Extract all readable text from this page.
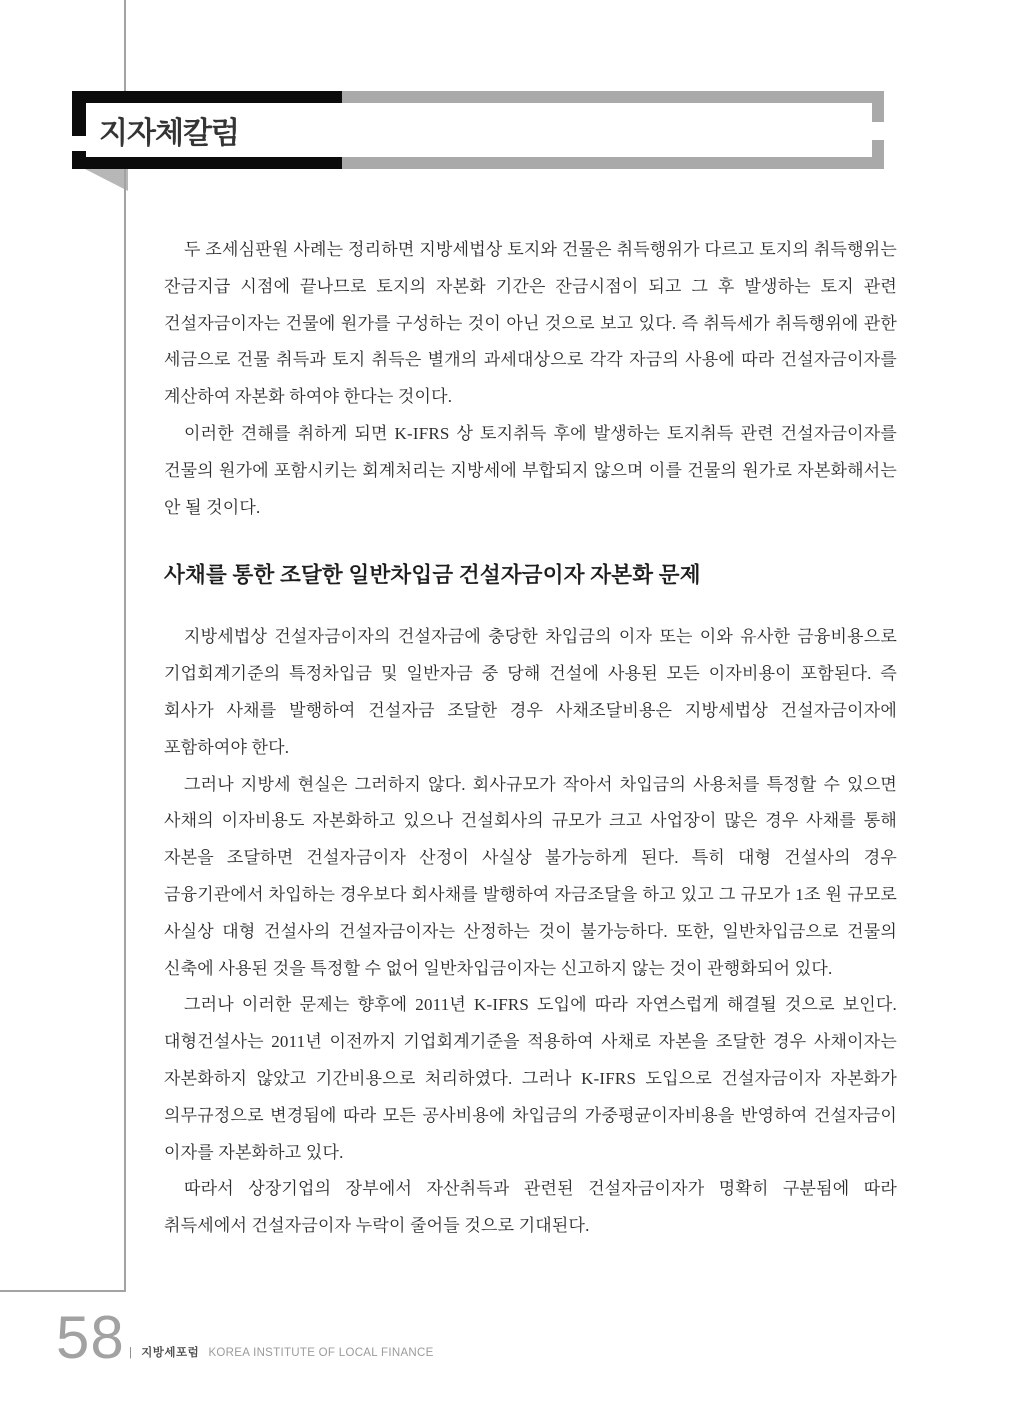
지자체칼럼

두 조세심판원 사례는 정리하면 지방세법상 토지와 건물은 취득행위가 다르고 토지의 취득행위는 잔금지급 시점에 끝나므로 토지의 자본화 기간은 잔금시점이 되고 그 후 발생하는 토지 관련 건설자금이자는 건물에 원가를 구성하는 것이 아닌 것으로 보고 있다. 즉 취득세가 취득행위에 관한 세금으로 건물 취득과 토지 취득은 별개의 과세대상으로 각각 자금의 사용에 따라 건설자금이자를 계산하여 자본화 하여야 한다는 것이다.

이러한 견해를 취하게 되면 K-IFRS 상 토지취득 후에 발생하는 토지취득 관련 건설자금이자를 건물의 원가에 포함시키는 회계처리는 지방세에 부합되지 않으며 이를 건물의 원가로 자본화해서는 안 될 것이다.

사채를 통한 조달한 일반차입금 건설자금이자 자본화 문제

지방세법상 건설자금이자의 건설자금에 충당한 차입금의 이자 또는 이와 유사한 금융비용으로 기업회계기준의 특정차입금 및 일반자금 중 당해 건설에 사용된 모든 이자비용이 포함된다. 즉 회사가 사채를 발행하여 건설자금 조달한 경우 사채조달비용은 지방세법상 건설자금이자에 포함하여야 한다.

그러나 지방세 현실은 그러하지 않다. 회사규모가 작아서 차입금의 사용처를 특정할 수 있으면 사채의 이자비용도 자본화하고 있으나 건설회사의 규모가 크고 사업장이 많은 경우 사채를 통해 자본을 조달하면 건설자금이자 산정이 사실상 불가능하게 된다. 특히 대형 건설사의 경우 금융기관에서 차입하는 경우보다 회사채를 발행하여 자금조달을 하고 있고 그 규모가 1조 원 규모로 사실상 대형 건설사의 건설자금이자는 산정하는 것이 불가능하다. 또한, 일반차입금으로 건물의 신축에 사용된 것을 특정할 수 없어 일반차입금이자는 신고하지 않는 것이 관행화되어 있다.

그러나 이러한 문제는 향후에 2011년 K-IFRS 도입에 따라 자연스럽게 해결될 것으로 보인다. 대형건설사는 2011년 이전까지 기업회계기준을 적용하여 사채로 자본을 조달한 경우 사채이자는 자본화하지 않았고 기간비용으로 처리하였다. 그러나 K-IFRS 도입으로 건설자금이자 자본화가 의무규정으로 변경됨에 따라 모든 공사비용에 차입금의 가중평균이자비용을 반영하여 건설자금이 이자를 자본화하고 있다.

따라서 상장기업의 장부에서 자산취득과 관련된 건설자금이자가 명확히 구분됨에 따라 취득세에서 건설자금이자 누락이 줄어들 것으로 기대된다.

58 | 지방세포럼 KOREA INSTITUTE OF LOCAL FINANCE
